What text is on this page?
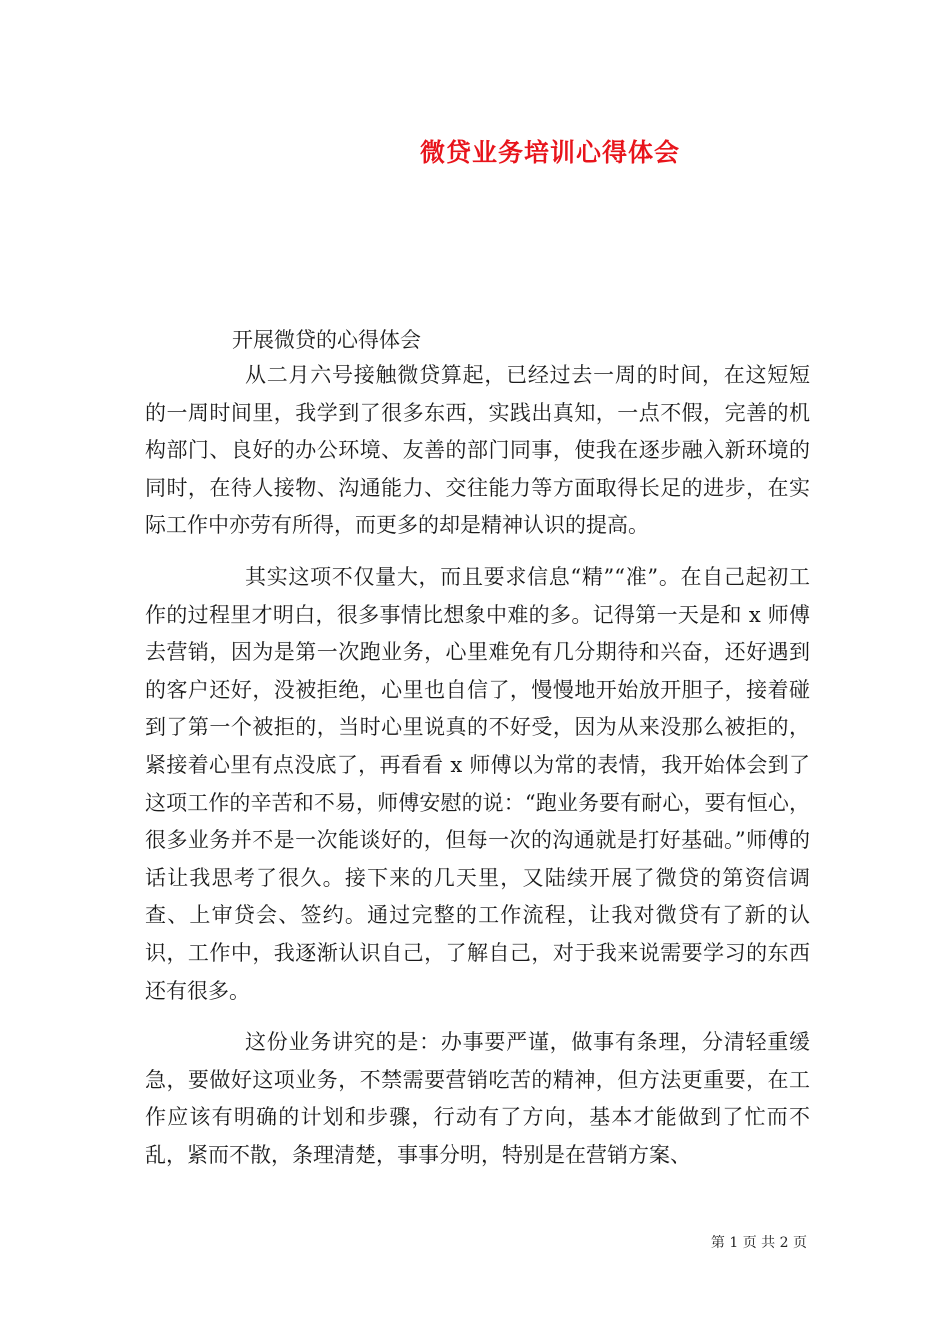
微贷业务培训心得体会
开展微贷的心得体会

从二月六号接触微贷算起，已经过去一周的时间，在这短短的一周时间里，我学到了很多东西，实践出真知，一点不假，完善的机构部门、良好的办公环境、友善的部门同事，使我在逐步融入新环境的同时，在待人接物、沟通能力、交往能力等方面取得长足的进步，在实际工作中亦劳有所得，而更多的却是精神认识的提高。

其实这项不仅量大，而且要求信息“精”“准”。在自己起初工作的过程里才明白，很多事情比想象中难的多。记得第一天是和 x 师傅去营销，因为是第一次跑业务，心里难免有几分期待和兴奋，还好遇到的客户还好，没被拒绝，心里也自信了，慢慢地开始放开胆子，接着碰到了第一个被拒的，当时心里说真的不好受，因为从来没那么被拒的，紧接着心里有点没底了，再看看 x 师傅以为常的表情，我开始体会到了这项工作的辛苦和不易，师傅安慰的说：“跑业务要有耐心，要有恒心，很多业务并不是一次能谈好的，但每一次的沟通就是打好基础。”师傅的话让我思考了很久。接下来的几天里，又陆续开展了微贷的第资信调查、上审贷会、签约。通过完整的工作流程，让我对微贷有了新的认识，工作中，我逐渐认识自己，了解自己，对于我来说需要学习的东西还有很多。

这份业务讲究的是：办事要严谨，做事有条理，分清轻重缓急，要做好这项业务，不禁需要营销吃苦的精神，但方法更重要，在工作应该有明确的计划和步骤，行动有了方向，基本才能做到了忙而不乱，紧而不散，条理清楚，事事分明，特别是在营销方案、

第 1 页 共 2 页
